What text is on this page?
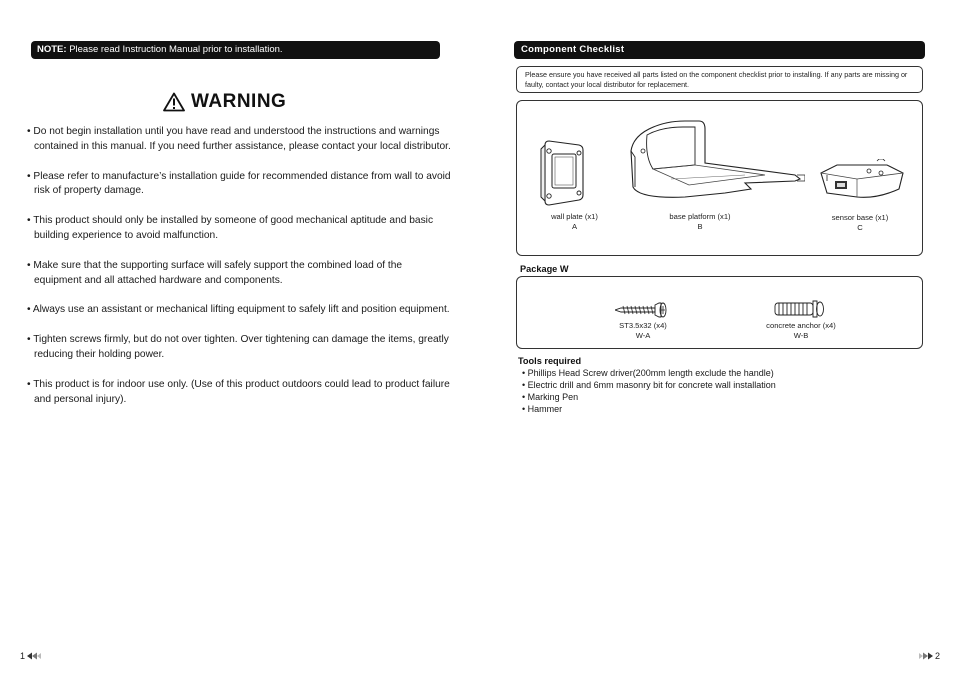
NOTE: Please read Instruction Manual prior to installation.
WARNING
• Do not begin installation until you have read and understood the instructions and warnings contained in this manual. If you need further assistance, please contact your local distributor.
• Please refer to manufacture’s installation guide for recommended distance from wall to avoid risk of property damage.
• This product should only be installed by someone of good mechanical aptitude and basic building experience to avoid malfunction.
• Make sure that the supporting surface will safely support the combined load of the equipment and all attached hardware and components.
• Always use an assistant or mechanical lifting equipment to safely lift and position equipment.
• Tighten screws firmly, but do not over tighten. Over tightening can damage the items, greatly reducing their holding power.
• This product is for indoor use only. (Use of this product outdoors could lead to product failure and personal injury).
1
Component Checklist
Please ensure you have received all parts listed on the component checklist prior to installing. If any parts are missing or faulty, contact your local distributor for replacement.
wall plate (x1)
A
base platform (x1)
B
sensor base (x1)
C
Package W
ST3.5x32 (x4)
W-A
concrete anchor (x4)
W-B
Tools required
• Phillips Head Screw driver(200mm length exclude the handle)
• Electric drill and 6mm masonry bit for concrete wall installation
• Marking Pen
• Hammer
2
